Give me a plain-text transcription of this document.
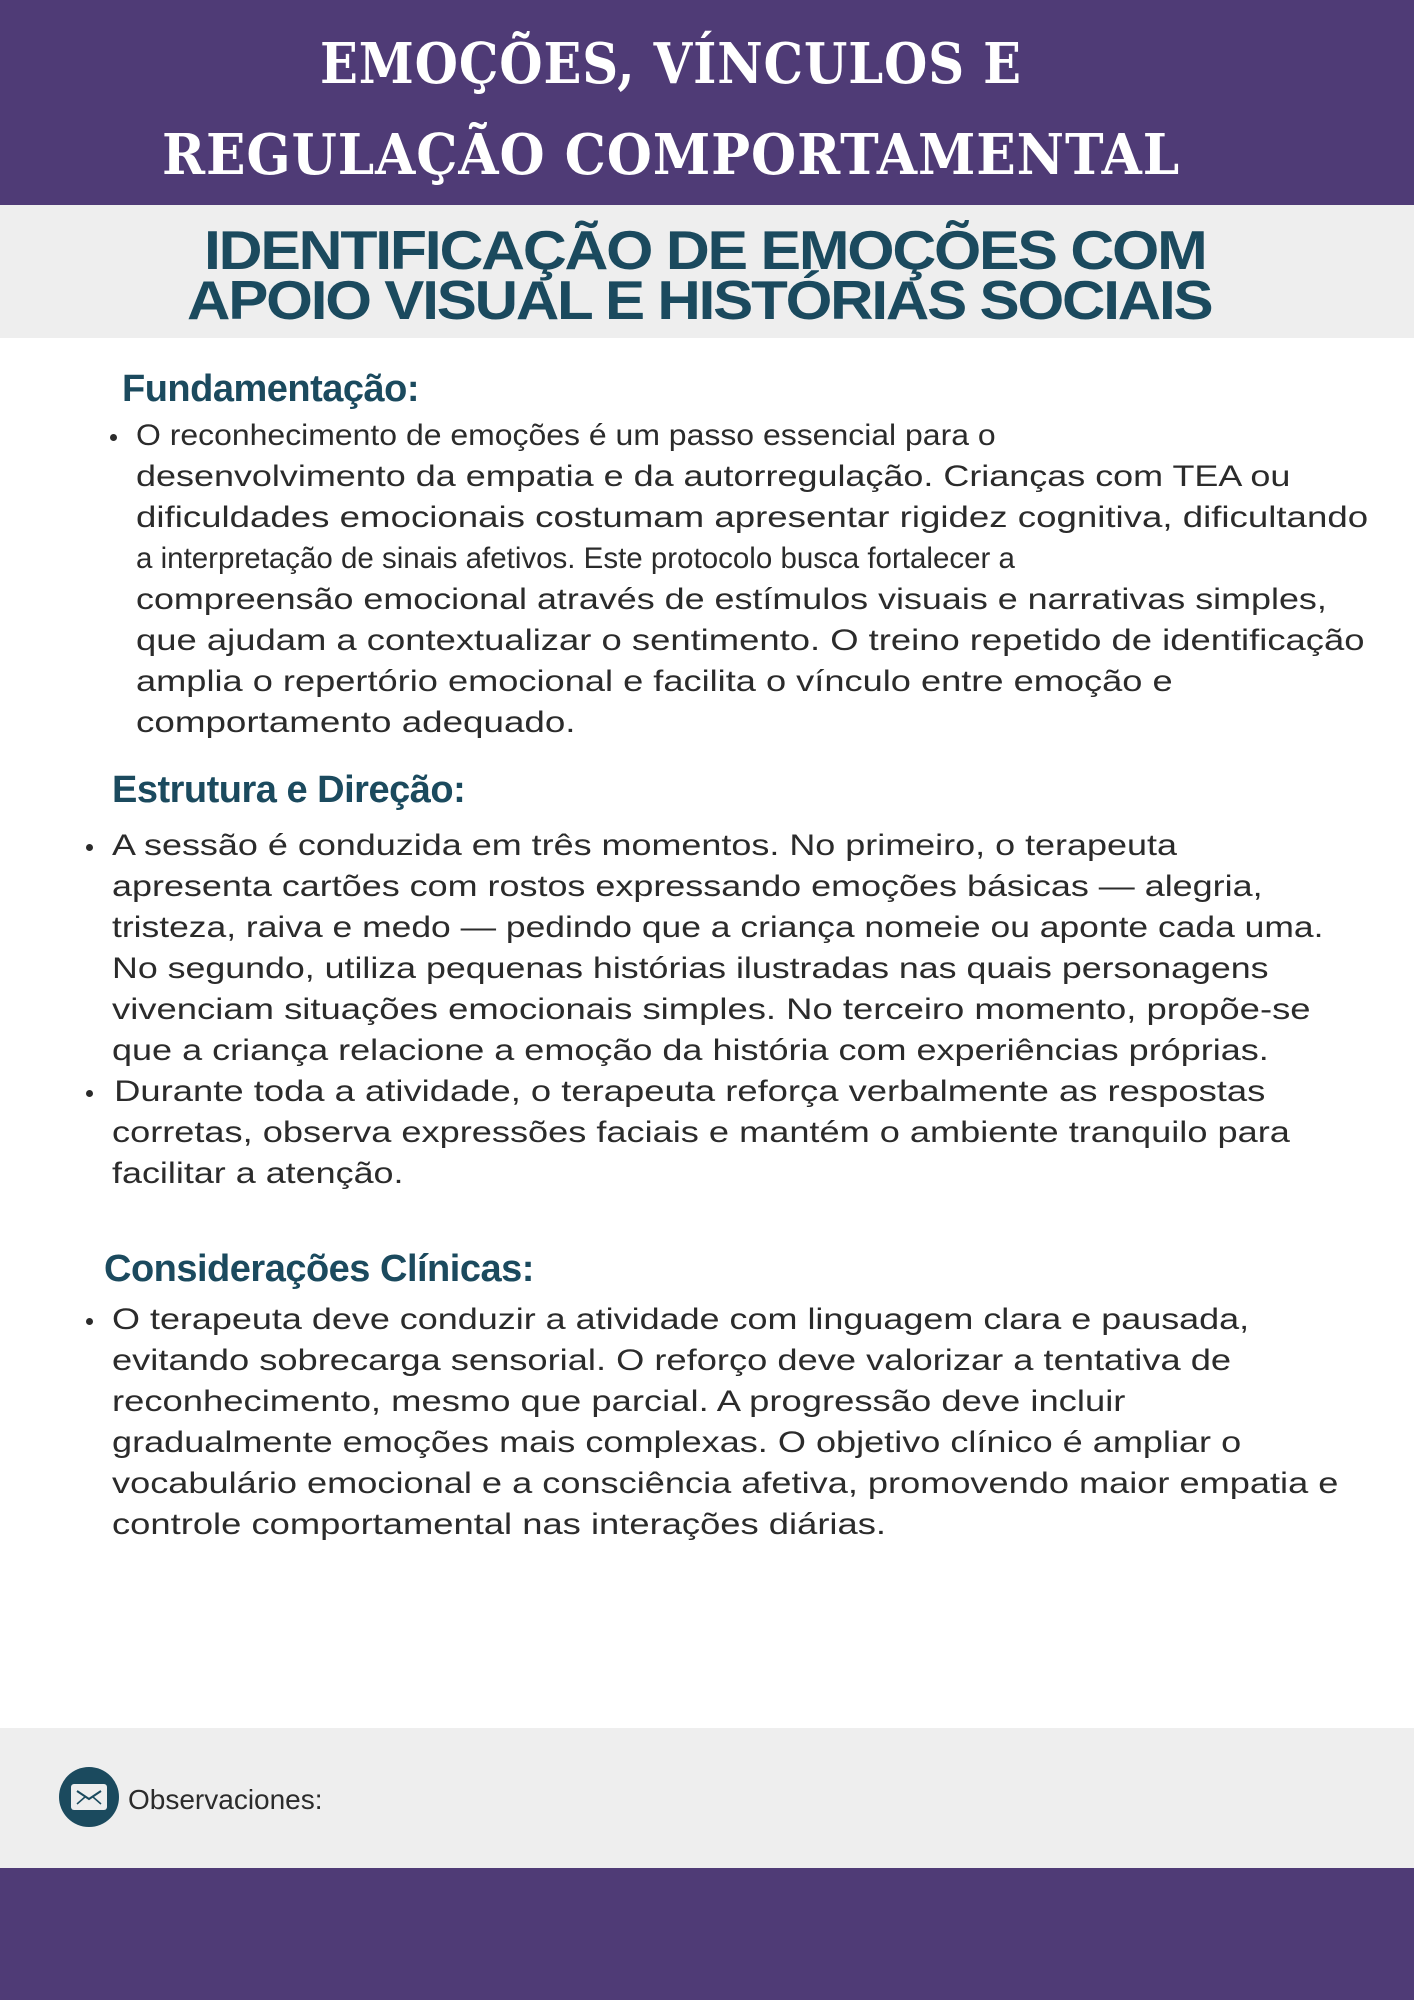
EMOÇÕES, VÍNCULOS E
REGULAÇÃO COMPORTAMENTAL
IDENTIFICAÇÃO DE EMOÇÕES COM
APOIO VISUAL E HISTÓRIAS SOCIAIS
Fundamentação:
O reconhecimento de emoções é um passo essencial para o
desenvolvimento da empatia e da autorregulação. Crianças com TEA ou
dificuldades emocionais costumam apresentar rigidez cognitiva, dificultando
a interpretação de sinais afetivos. Este protocolo busca fortalecer a
compreensão emocional através de estímulos visuais e narrativas simples,
que ajudam a contextualizar o sentimento. O treino repetido de identificação
amplia o repertório emocional e facilita o vínculo entre emoção e
comportamento adequado.
Estrutura e Direção:
A sessão é conduzida em três momentos. No primeiro, o terapeuta
apresenta cartões com rostos expressando emoções básicas — alegria,
tristeza, raiva e medo — pedindo que a criança nomeie ou aponte cada uma.
No segundo, utiliza pequenas histórias ilustradas nas quais personagens
vivenciam situações emocionais simples. No terceiro momento, propõe-se
que a criança relacione a emoção da história com experiências próprias.
Durante toda a atividade, o terapeuta reforça verbalmente as respostas
corretas, observa expressões faciais e mantém o ambiente tranquilo para
facilitar a atenção.
Considerações Clínicas:
O terapeuta deve conduzir a atividade com linguagem clara e pausada,
evitando sobrecarga sensorial. O reforço deve valorizar a tentativa de
reconhecimento, mesmo que parcial. A progressão deve incluir
gradualmente emoções mais complexas. O objetivo clínico é ampliar o
vocabulário emocional e a consciência afetiva, promovendo maior empatia e
controle comportamental nas interações diárias.
Observaciones:
